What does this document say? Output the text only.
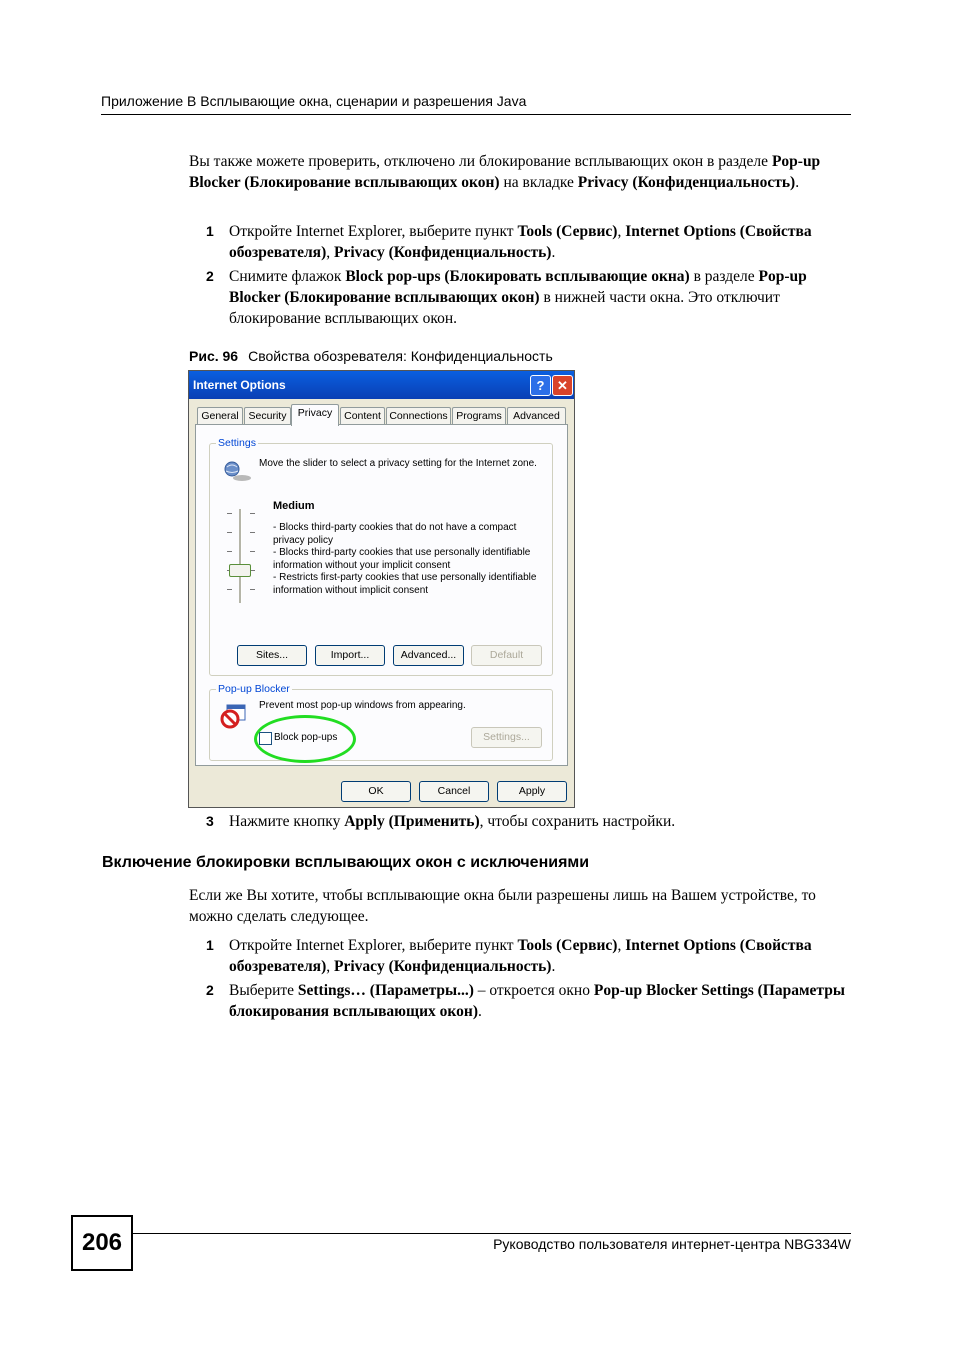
Приложение B Всплывающие окна, сценарии и разрешения Java
Вы также можете проверить, отключено ли блокирование всплывающих окон в разделе Pop-up Blocker (Блокирование всплывающих окон) на вкладке Privacy (Конфиденциальность).
1 Откройте Internet Explorer, выберите пункт Tools (Сервис), Internet Options (Свойства обозревателя), Privacy (Конфиденциальность).
2 Снимите флажок Block pop-ups (Блокировать всплывающие окна) в разделе Pop-up Blocker (Блокирование всплывающих окон) в нижней части окна. Это отключит блокирование всплывающих окон.
Рис. 96 Свойства обозревателя: Конфиденциальность
Internet Options	? ✕
General Security	Privacy	Content Connections Programs	Advanced
Settings
Move the slider to select a privacy setting for the Internet zone.
Medium
- Blocks third-party cookies that do not have a compact privacy policy
- Blocks third-party cookies that use personally identifiable information without your implicit consent
- Restricts first-party cookies that use personally identifiable information without implicit consent
Sites...	Import...	Advanced...	Default
Pop-up Blocker
Prevent most pop-up windows from appearing.
Block pop-ups	Settings...
OK	Cancel	Apply
3 Нажмите кнопку Apply (Применить), чтобы сохранить настройки.
Включение блокировки всплывающих окон с исключениями
Если же Вы хотите, чтобы всплывающие окна были разрешены лишь на Вашем устройстве, то можно сделать следующее.
1 Откройте Internet Explorer, выберите пункт Tools (Сервис), Internet Options (Свойства обозревателя), Privacy (Конфиденциальность).
2 Выберите Settings… (Параметры...) – откроется окно Pop-up Blocker Settings (Параметры блокирования всплывающих окон).
206	Руководство пользователя интернет-центра NBG334W
